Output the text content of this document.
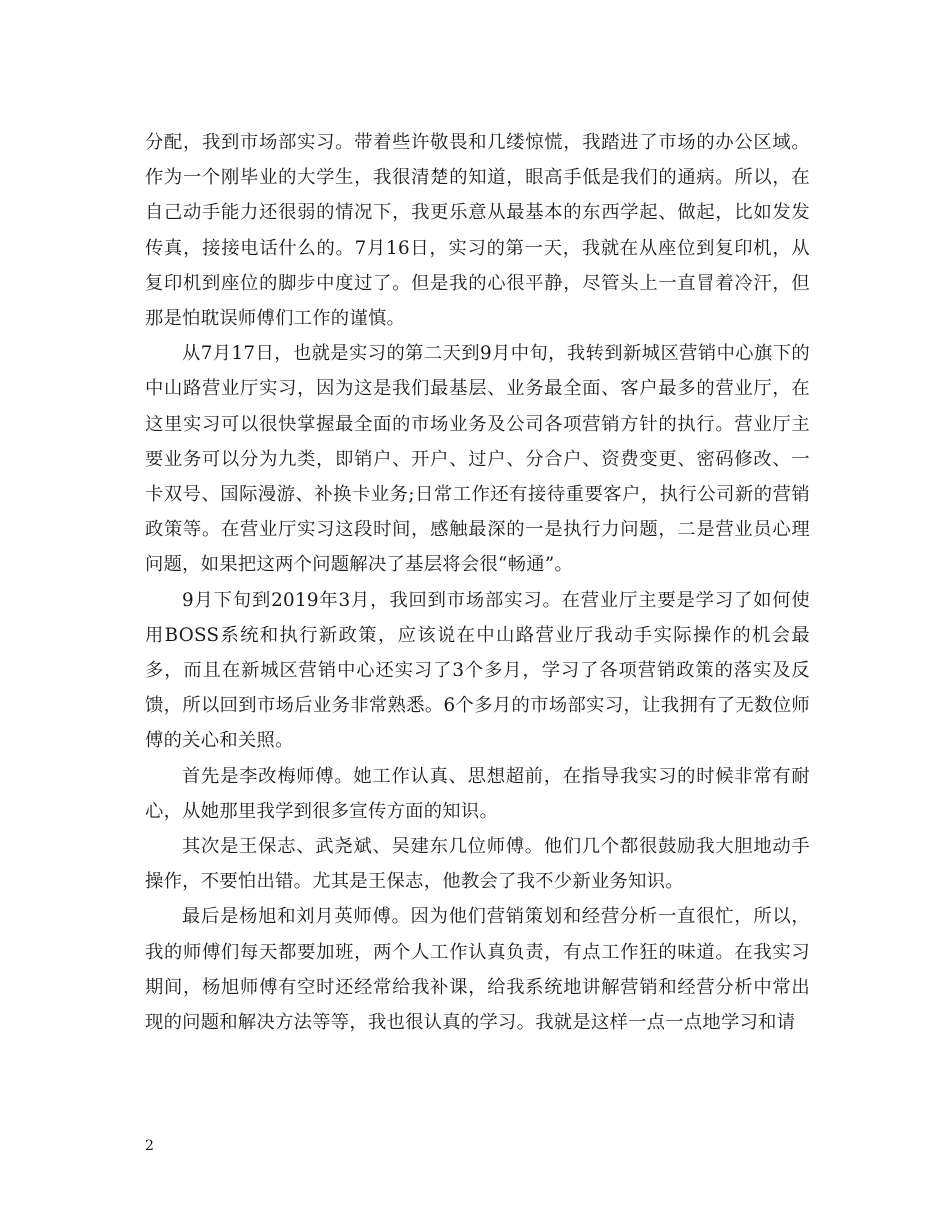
分配，我到市场部实习。带着些许敬畏和几缕惊慌，我踏进了市场的办公区域。作为一个刚毕业的大学生，我很清楚的知道，眼高手低是我们的通病。所以，在自己动手能力还很弱的情况下，我更乐意从最基本的东西学起、做起，比如发发传真，接接电话什么的。7月16日，实习的第一天，我就在从座位到复印机，从复印机到座位的脚步中度过了。但是我的心很平静，尽管头上一直冒着冷汗，但那是怕耽误师傅们工作的谨慎。

从7月17日，也就是实习的第二天到9月中旬，我转到新城区营销中心旗下的中山路营业厅实习，因为这是我们最基层、业务最全面、客户最多的营业厅，在这里实习可以很快掌握最全面的市场业务及公司各项营销方针的执行。营业厅主要业务可以分为九类，即销户、开户、过户、分合户、资费变更、密码修改、一卡双号、国际漫游、补换卡业务;日常工作还有接待重要客户，执行公司新的营销政策等。在营业厅实习这段时间，感触最深的一是执行力问题，二是营业员心理问题，如果把这两个问题解决了基层将会很“畅通”。

9月下旬到2019年3月，我回到市场部实习。在营业厅主要是学习了如何使用BOSS系统和执行新政策，应该说在中山路营业厅我动手实际操作的机会最多，而且在新城区营销中心还实习了3个多月，学习了各项营销政策的落实及反馈，所以回到市场后业务非常熟悉。6个多月的市场部实习，让我拥有了无数位师傅的关心和关照。

首先是李改梅师傅。她工作认真、思想超前，在指导我实习的时候非常有耐心，从她那里我学到很多宣传方面的知识。

其次是王保志、武尧斌、吴建东几位师傅。他们几个都很鼓励我大胆地动手操作，不要怕出错。尤其是王保志，他教会了我不少新业务知识。

最后是杨旭和刘月英师傅。因为他们营销策划和经营分析一直很忙，所以，我的师傅们每天都要加班，两个人工作认真负责，有点工作狂的味道。在我实习期间，杨旭师傅有空时还经常给我补课，给我系统地讲解营销和经营分析中常出现的问题和解决方法等等，我也很认真的学习。我就是这样一点一点地学习和请

2
